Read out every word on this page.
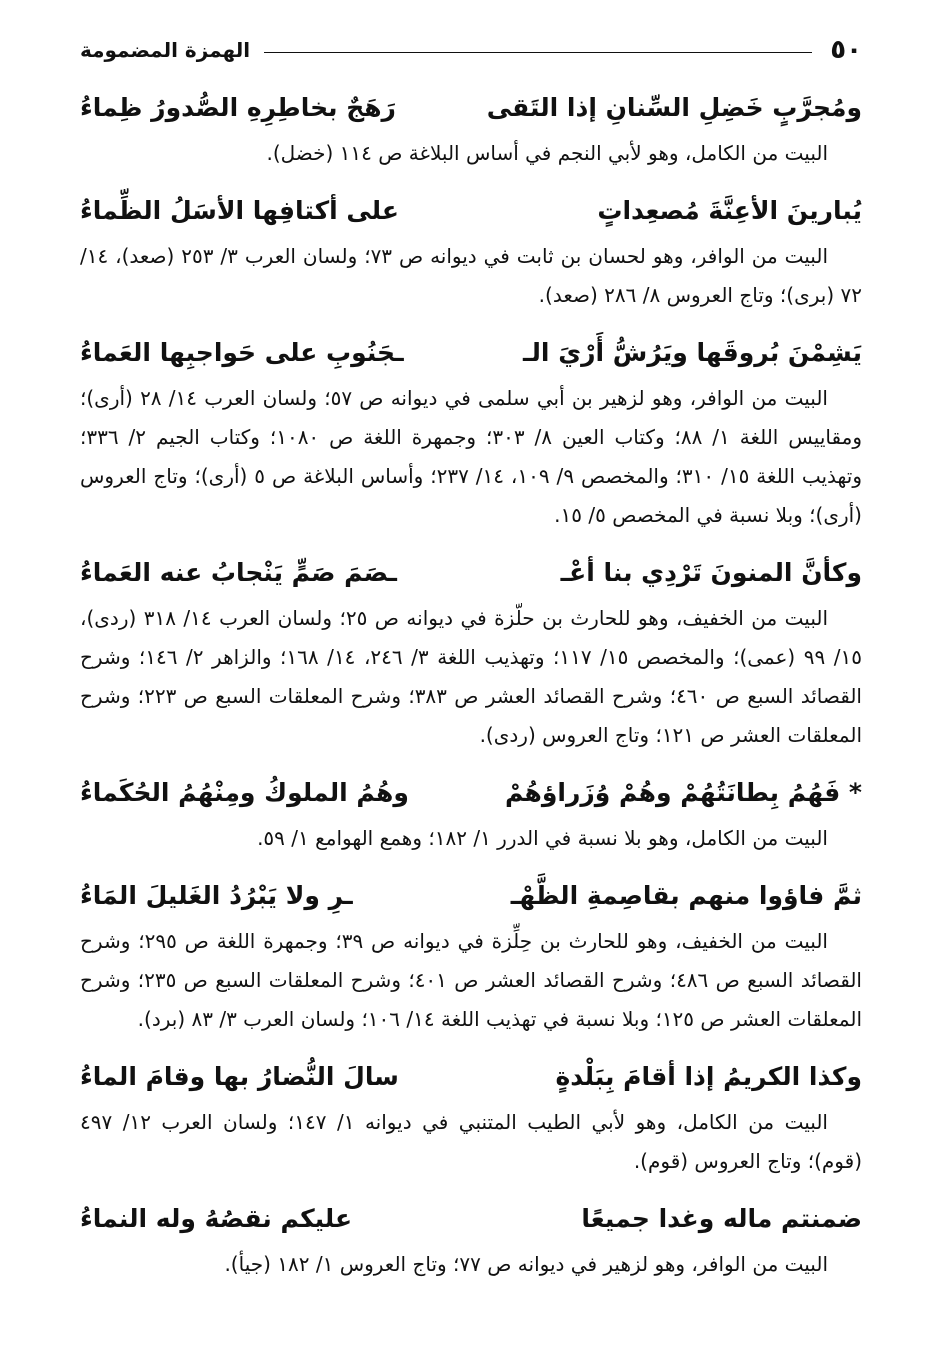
٥٠
الهمزة المضمومة
ومُجرَّبٍ خَضِلِ السِّنانِ إذا التَقى
رَهَجٌ بخاطِرِهِ الصُّدورُ ظِماءُ

البيت من الكامل، وهو لأبي النجم في أساس البلاغة ص ١١٤ (خضل).

يُبارينَ الأعِنَّةَ مُصعِداتٍ
على أكتافِها الأسَلُ الظِّماءُ

البيت من الوافر، وهو لحسان بن ثابت في ديوانه ص ٧٣؛ ولسان العرب ٣/ ٢٥٣ (صعد)، ١٤/ ٧٢ (برى)؛ وتاج العروس ٨/ ٢٨٦ (صعد).

يَشِمْنَ بُروقَها ويَرُشُّ أَرْيَ الـ
ـجَنُوبِ على حَواجبِها العَماءُ

البيت من الوافر، وهو لزهير بن أبي سلمى في ديوانه ص ٥٧؛ ولسان العرب ١٤/ ٢٨ (أرى)؛ ومقاييس اللغة ١/ ٨٨؛ وكتاب العين ٨/ ٣٠٣؛ وجمهرة اللغة ص ١٠٨٠؛ وكتاب الجيم ٢/ ٣٣٦؛ وتهذيب اللغة ١٥/ ٣١٠؛ والمخصص ٩/ ١٠٩، ١٤/ ٢٣٧؛ وأساس البلاغة ص ٥ (أرى)؛ وتاج العروس (أرى)؛ وبلا نسبة في المخصص ٥/ ١٥.

وكأنَّ المنونَ تَرْدِي بنا أعْـ
ـصَمَ صَمٍّ يَنْجابُ عنه العَماءُ

البيت من الخفيف، وهو للحارث بن حلّزة في ديوانه ص ٢٥؛ ولسان العرب ١٤/ ٣١٨ (ردى)، ١٥/ ٩٩ (عمى)؛ والمخصص ١٥/ ١١٧؛ وتهذيب اللغة ٣/ ٢٤٦، ١٤/ ١٦٨؛ والزاهر ٢/ ١٤٦؛ وشرح القصائد السبع ص ٤٦٠؛ وشرح القصائد العشر ص ٣٨٣؛ وشرح المعلقات السبع ص ٢٢٣؛ وشرح المعلقات العشر ص ١٢١؛ وتاج العروس (ردى).

* فَهُمُ بِطانَتُهُمْ وهُمْ وُزَراؤهُمْ
وهُمُ الملوكُ ومِنْهُمُ الحُكَماءُ

البيت من الكامل، وهو بلا نسبة في الدرر ١/ ١٨٢؛ وهمع الهوامع ١/ ٥٩.

ثمَّ فاؤوا منهم بقاصِمةِ الظَّهْـ
ـرِ ولا يَبْرُدُ الغَليلَ المَاءُ

البيت من الخفيف، وهو للحارث بن حِلِّزة في ديوانه ص ٣٩؛ وجمهرة اللغة ص ٢٩٥؛ وشرح القصائد السبع ص ٤٨٦؛ وشرح القصائد العشر ص ٤٠١؛ وشرح المعلقات السبع ص ٢٣٥؛ وشرح المعلقات العشر ص ١٢٥؛ وبلا نسبة في تهذيب اللغة ١٤/ ١٠٦؛ ولسان العرب ٣/ ٨٣ (برد).

وكذا الكريمُ إذا أقامَ بِبَلْدةٍ
سالَ النُّضارُ بها وقامَ الماءُ

البيت من الكامل، وهو لأبي الطيب المتنبي في ديوانه ١/ ١٤٧؛ ولسان العرب ١٢/ ٤٩٧ (قوم)؛ وتاج العروس (قوم).

ضمنتم ماله وغدا جميعًا
عليكم نقصُهُ وله النماءُ

البيت من الوافر، وهو لزهير في ديوانه ص ٧٧؛ وتاج العروس ١/ ١٨٢ (جيأ).
